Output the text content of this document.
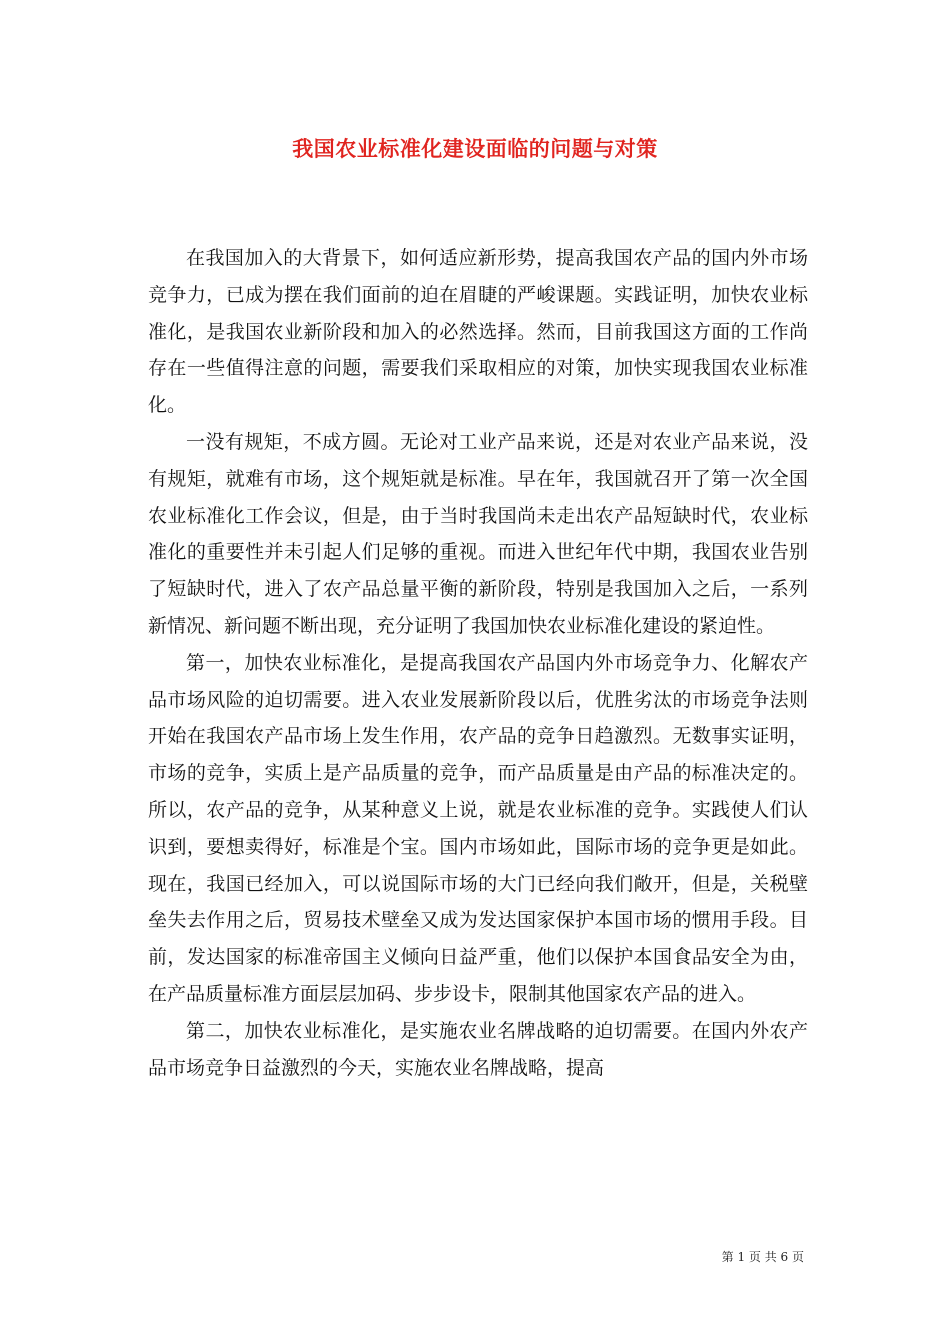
我国农业标准化建设面临的问题与对策

在我国加入的大背景下，如何适应新形势，提高我国农产品的国内外市场竞争力，已成为摆在我们面前的迫在眉睫的严峻课题。实践证明，加快农业标准化，是我国农业新阶段和加入的必然选择。然而，目前我国这方面的工作尚存在一些值得注意的问题，需要我们采取相应的对策，加快实现我国农业标准化。

一没有规矩，不成方圆。无论对工业产品来说，还是对农业产品来说，没有规矩，就难有市场，这个规矩就是标准。早在年，我国就召开了第一次全国农业标准化工作会议，但是，由于当时我国尚未走出农产品短缺时代，农业标准化的重要性并未引起人们足够的重视。而进入世纪年代中期，我国农业告别了短缺时代，进入了农产品总量平衡的新阶段，特别是我国加入之后，一系列新情况、新问题不断出现，充分证明了我国加快农业标准化建设的紧迫性。

第一，加快农业标准化，是提高我国农产品国内外市场竞争力、化解农产品市场风险的迫切需要。进入农业发展新阶段以后，优胜劣汰的市场竞争法则开始在我国农产品市场上发生作用，农产品的竞争日趋激烈。无数事实证明，市场的竞争，实质上是产品质量的竞争，而产品质量是由产品的标准决定的。所以，农产品的竞争，从某种意义上说，就是农业标准的竞争。实践使人们认识到，要想卖得好，标准是个宝。国内市场如此，国际市场的竞争更是如此。现在，我国已经加入，可以说国际市场的大门已经向我们敞开，但是，关税壁垒失去作用之后，贸易技术壁垒又成为发达国家保护本国市场的惯用手段。目前，发达国家的标准帝国主义倾向日益严重，他们以保护本国食品安全为由，在产品质量标准方面层层加码、步步设卡，限制其他国家农产品的进入。

第二，加快农业标准化，是实施农业名牌战略的迫切需要。在国内外农产品市场竞争日益激烈的今天，实施农业名牌战略，提高

第 1 页 共 6 页
